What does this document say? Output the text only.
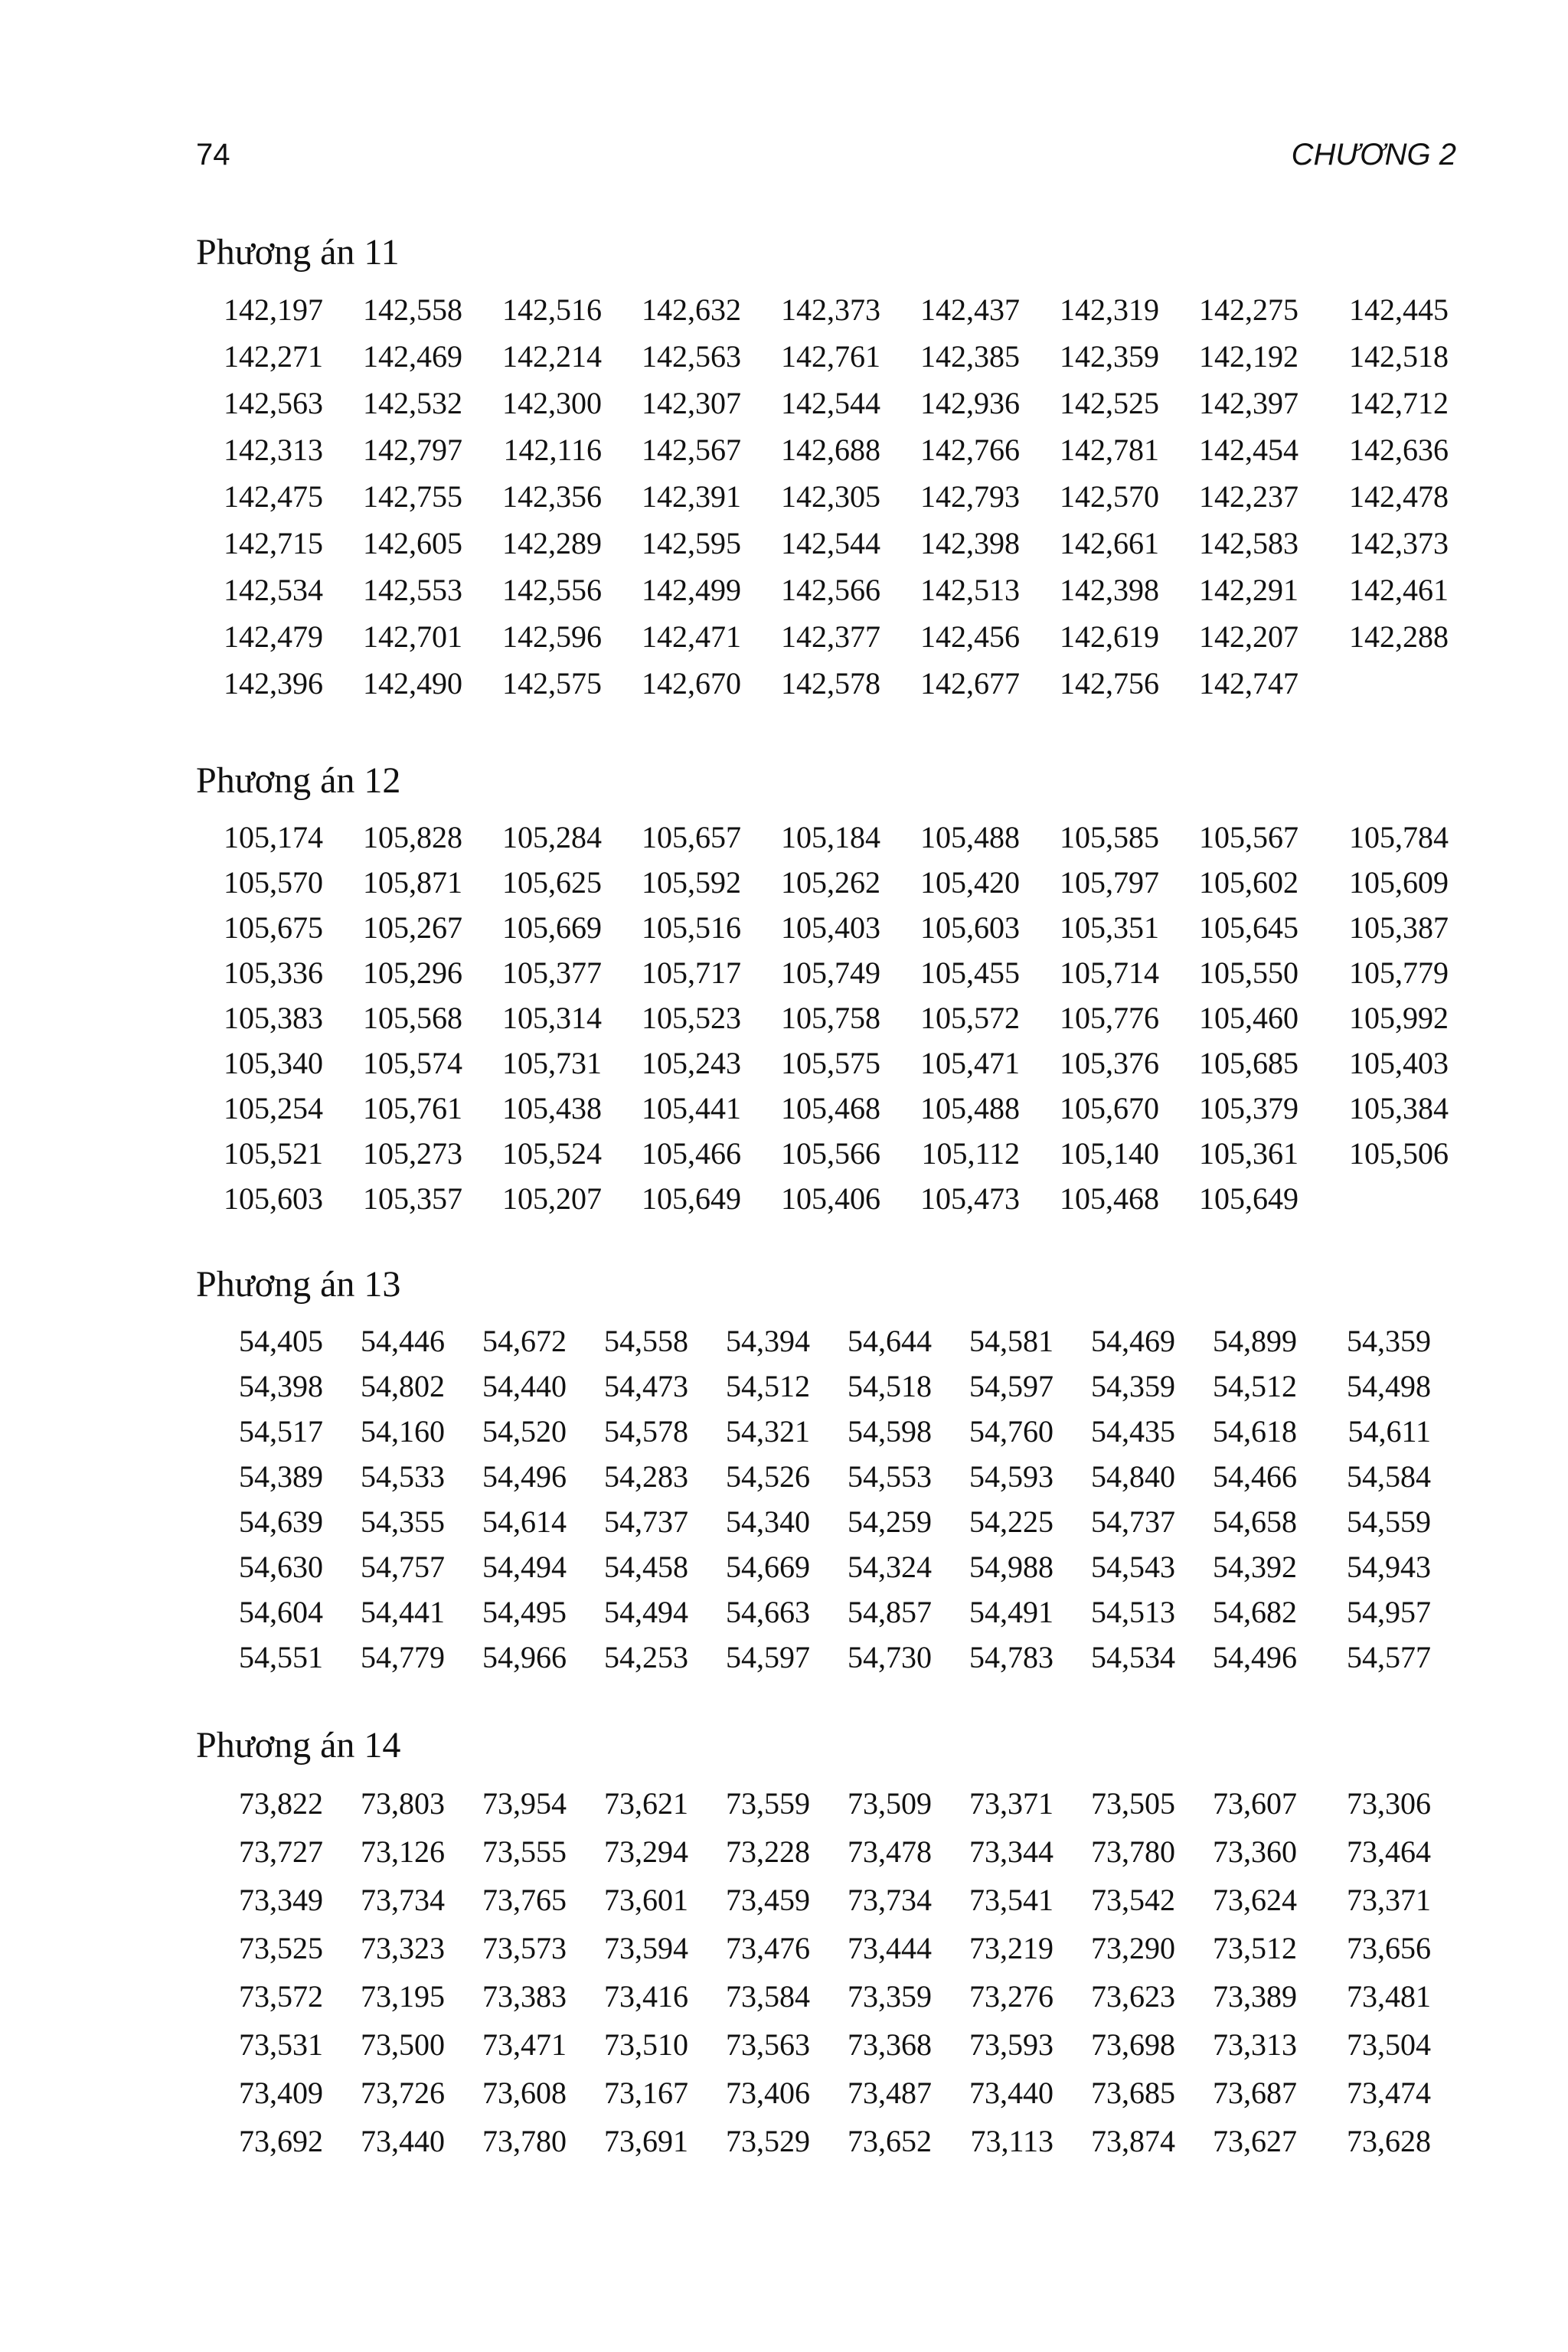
74	CHƯƠNG 2
Phương án 11
142,197	142,558	142,516	142,632	142,373	142,437	142,319	142,275	142,445
142,271	142,469	142,214	142,563	142,761	142,385	142,359	142,192	142,518
142,563	142,532	142,300	142,307	142,544	142,936	142,525	142,397	142,712
142,313	142,797	142,116	142,567	142,688	142,766	142,781	142,454	142,636
142,475	142,755	142,356	142,391	142,305	142,793	142,570	142,237	142,478
142,715	142,605	142,289	142,595	142,544	142,398	142,661	142,583	142,373
142,534	142,553	142,556	142,499	142,566	142,513	142,398	142,291	142,461
142,479	142,701	142,596	142,471	142,377	142,456	142,619	142,207	142,288
142,396	142,490	142,575	142,670	142,578	142,677	142,756	142,747
Phương án 12
105,174	105,828	105,284	105,657	105,184	105,488	105,585	105,567	105,784
105,570	105,871	105,625	105,592	105,262	105,420	105,797	105,602	105,609
105,675	105,267	105,669	105,516	105,403	105,603	105,351	105,645	105,387
105,336	105,296	105,377	105,717	105,749	105,455	105,714	105,550	105,779
105,383	105,568	105,314	105,523	105,758	105,572	105,776	105,460	105,992
105,340	105,574	105,731	105,243	105,575	105,471	105,376	105,685	105,403
105,254	105,761	105,438	105,441	105,468	105,488	105,670	105,379	105,384
105,521	105,273	105,524	105,466	105,566	105,112	105,140	105,361	105,506
105,603	105,357	105,207	105,649	105,406	105,473	105,468	105,649
Phương án 13
54,405	54,446	54,672	54,558	54,394	54,644	54,581	54,469	54,899	54,359
54,398	54,802	54,440	54,473	54,512	54,518	54,597	54,359	54,512	54,498
54,517	54,160	54,520	54,578	54,321	54,598	54,760	54,435	54,618	54,611
54,389	54,533	54,496	54,283	54,526	54,553	54,593	54,840	54,466	54,584
54,639	54,355	54,614	54,737	54,340	54,259	54,225	54,737	54,658	54,559
54,630	54,757	54,494	54,458	54,669	54,324	54,988	54,543	54,392	54,943
54,604	54,441	54,495	54,494	54,663	54,857	54,491	54,513	54,682	54,957
54,551	54,779	54,966	54,253	54,597	54,730	54,783	54,534	54,496	54,577
Phương án 14
73,822	73,803	73,954	73,621	73,559	73,509	73,371	73,505	73,607	73,306
73,727	73,126	73,555	73,294	73,228	73,478	73,344	73,780	73,360	73,464
73,349	73,734	73,765	73,601	73,459	73,734	73,541	73,542	73,624	73,371
73,525	73,323	73,573	73,594	73,476	73,444	73,219	73,290	73,512	73,656
73,572	73,195	73,383	73,416	73,584	73,359	73,276	73,623	73,389	73,481
73,531	73,500	73,471	73,510	73,563	73,368	73,593	73,698	73,313	73,504
73,409	73,726	73,608	73,167	73,406	73,487	73,440	73,685	73,687	73,474
73,692	73,440	73,780	73,691	73,529	73,652	73,113	73,874	73,627	73,628
